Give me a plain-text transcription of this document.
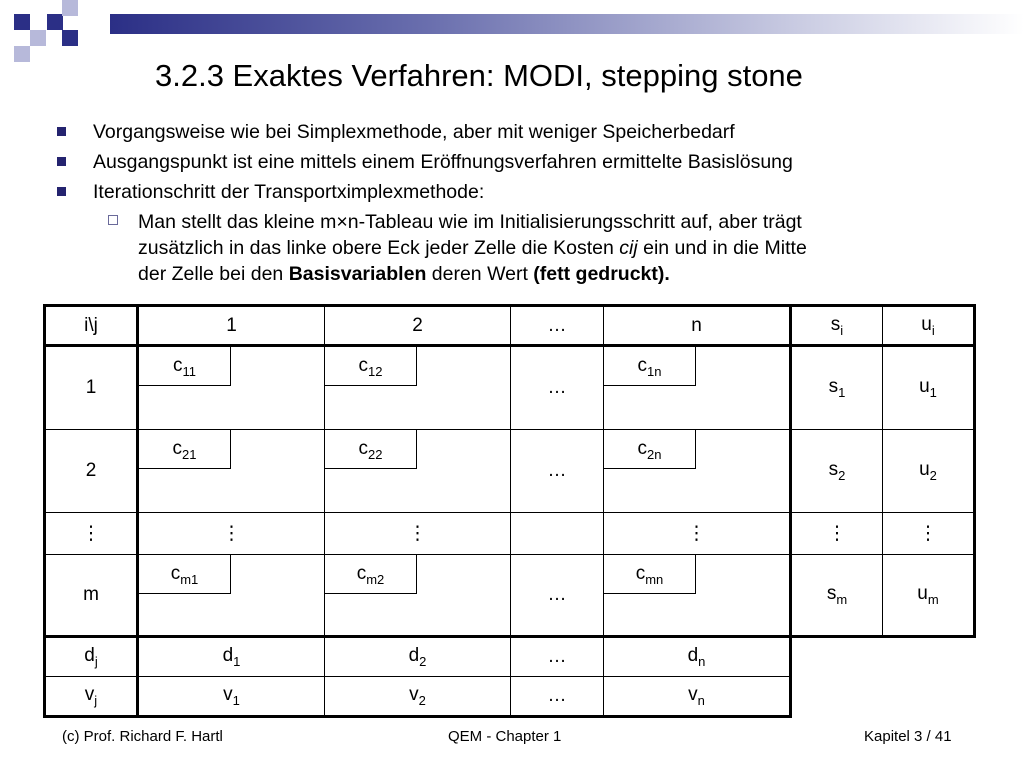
3.2.3 Exaktes Verfahren: MODI, stepping stone
Vorgangsweise wie bei Simplexmethode, aber mit weniger Speicherbedarf
Ausgangspunkt ist eine mittels einem Eröffnungsverfahren ermittelte Basislösung
Iterationschritt der Transportximplexmethode:
Man stellt das kleine m×n-Tableau wie im Initialisierungsschritt auf, aber trägt
zusätzlich in das linke obere Eck jeder Zelle die Kosten cij ein und in die Mitte
der Zelle bei den Basisvariablen deren Wert (fett gedruckt).
i\j	1	2	…	n	$s_i$	$u_i$
1	$c_{11}$	$c_{12}$	…	$c_{1n}$	$s_1$	$u_1$
2	$c_{21}$	$c_{22}$	…	$c_{2n}$	$s_2$	$u_2$
⋮	⋮	⋮		⋮	⋮	⋮
m	$c_{m1}$	$c_{m2}$	…	$c_{mn}$	$s_m$	$u_m$
$d_j$	$d_1$	$d_2$	…	$d_n$		
$v_j$	$v_1$	$v_2$	…	$v_n$		
(c) Prof. Richard F. Hartl	QEM - Chapter 1	Kapitel 3 / 41
